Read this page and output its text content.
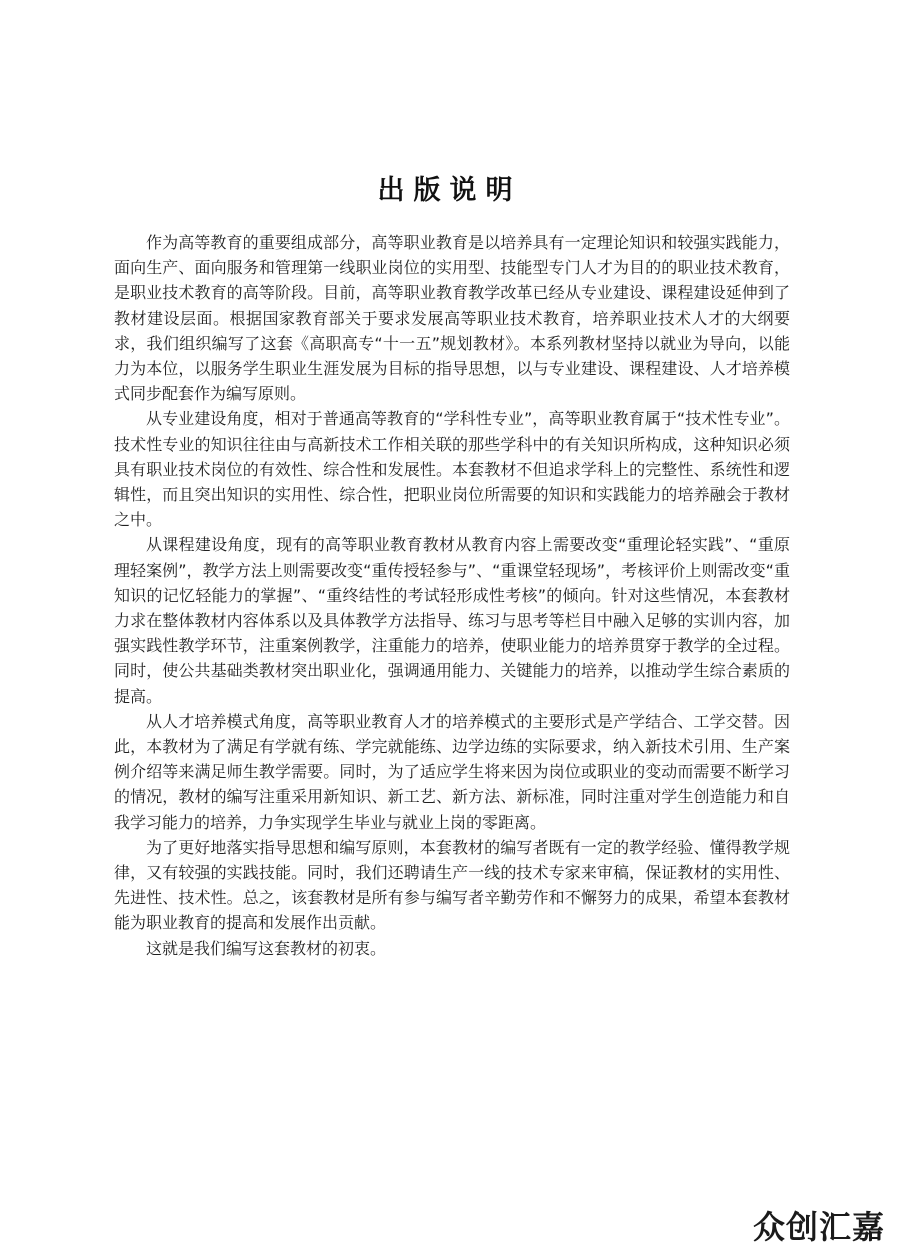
出版说明

作为高等教育的重要组成部分，高等职业教育是以培养具有一定理论知识和较强实践能力，面向生产、面向服务和管理第一线职业岗位的实用型、技能型专门人才为目的的职业技术教育，是职业技术教育的高等阶段。目前，高等职业教育教学改革已经从专业建设、课程建设延伸到了教材建设层面。根据国家教育部关于要求发展高等职业技术教育，培养职业技术人才的大纲要求，我们组织编写了这套《高职高专“十一五”规划教材》。本系列教材坚持以就业为导向，以能力为本位，以服务学生职业生涯发展为目标的指导思想，以与专业建设、课程建设、人才培养模式同步配套作为编写原则。

从专业建设角度，相对于普通高等教育的“学科性专业”，高等职业教育属于“技术性专业”。技术性专业的知识往往由与高新技术工作相关联的那些学科中的有关知识所构成，这种知识必须具有职业技术岗位的有效性、综合性和发展性。本套教材不但追求学科上的完整性、系统性和逻辑性，而且突出知识的实用性、综合性，把职业岗位所需要的知识和实践能力的培养融会于教材之中。

从课程建设角度，现有的高等职业教育教材从教育内容上需要改变“重理论轻实践”、“重原理轻案例”，教学方法上则需要改变“重传授轻参与”、“重课堂轻现场”，考核评价上则需改变“重知识的记忆轻能力的掌握”、“重终结性的考试轻形成性考核”的倾向。针对这些情况，本套教材力求在整体教材内容体系以及具体教学方法指导、练习与思考等栏目中融入足够的实训内容，加强实践性教学环节，注重案例教学，注重能力的培养，使职业能力的培养贯穿于教学的全过程。同时，使公共基础类教材突出职业化，强调通用能力、关键能力的培养，以推动学生综合素质的提高。

从人才培养模式角度，高等职业教育人才的培养模式的主要形式是产学结合、工学交替。因此，本教材为了满足有学就有练、学完就能练、边学边练的实际要求，纳入新技术引用、生产案例介绍等来满足师生教学需要。同时，为了适应学生将来因为岗位或职业的变动而需要不断学习的情况，教材的编写注重采用新知识、新工艺、新方法、新标准，同时注重对学生创造能力和自我学习能力的培养，力争实现学生毕业与就业上岗的零距离。

为了更好地落实指导思想和编写原则，本套教材的编写者既有一定的教学经验、懂得教学规律，又有较强的实践技能。同时，我们还聘请生产一线的技术专家来审稿，保证教材的实用性、先进性、技术性。总之，该套教材是所有参与编写者辛勤劳作和不懈努力的成果，希望本套教材能为职业教育的提高和发展作出贡献。

这就是我们编写这套教材的初衷。

众创汇嘉
